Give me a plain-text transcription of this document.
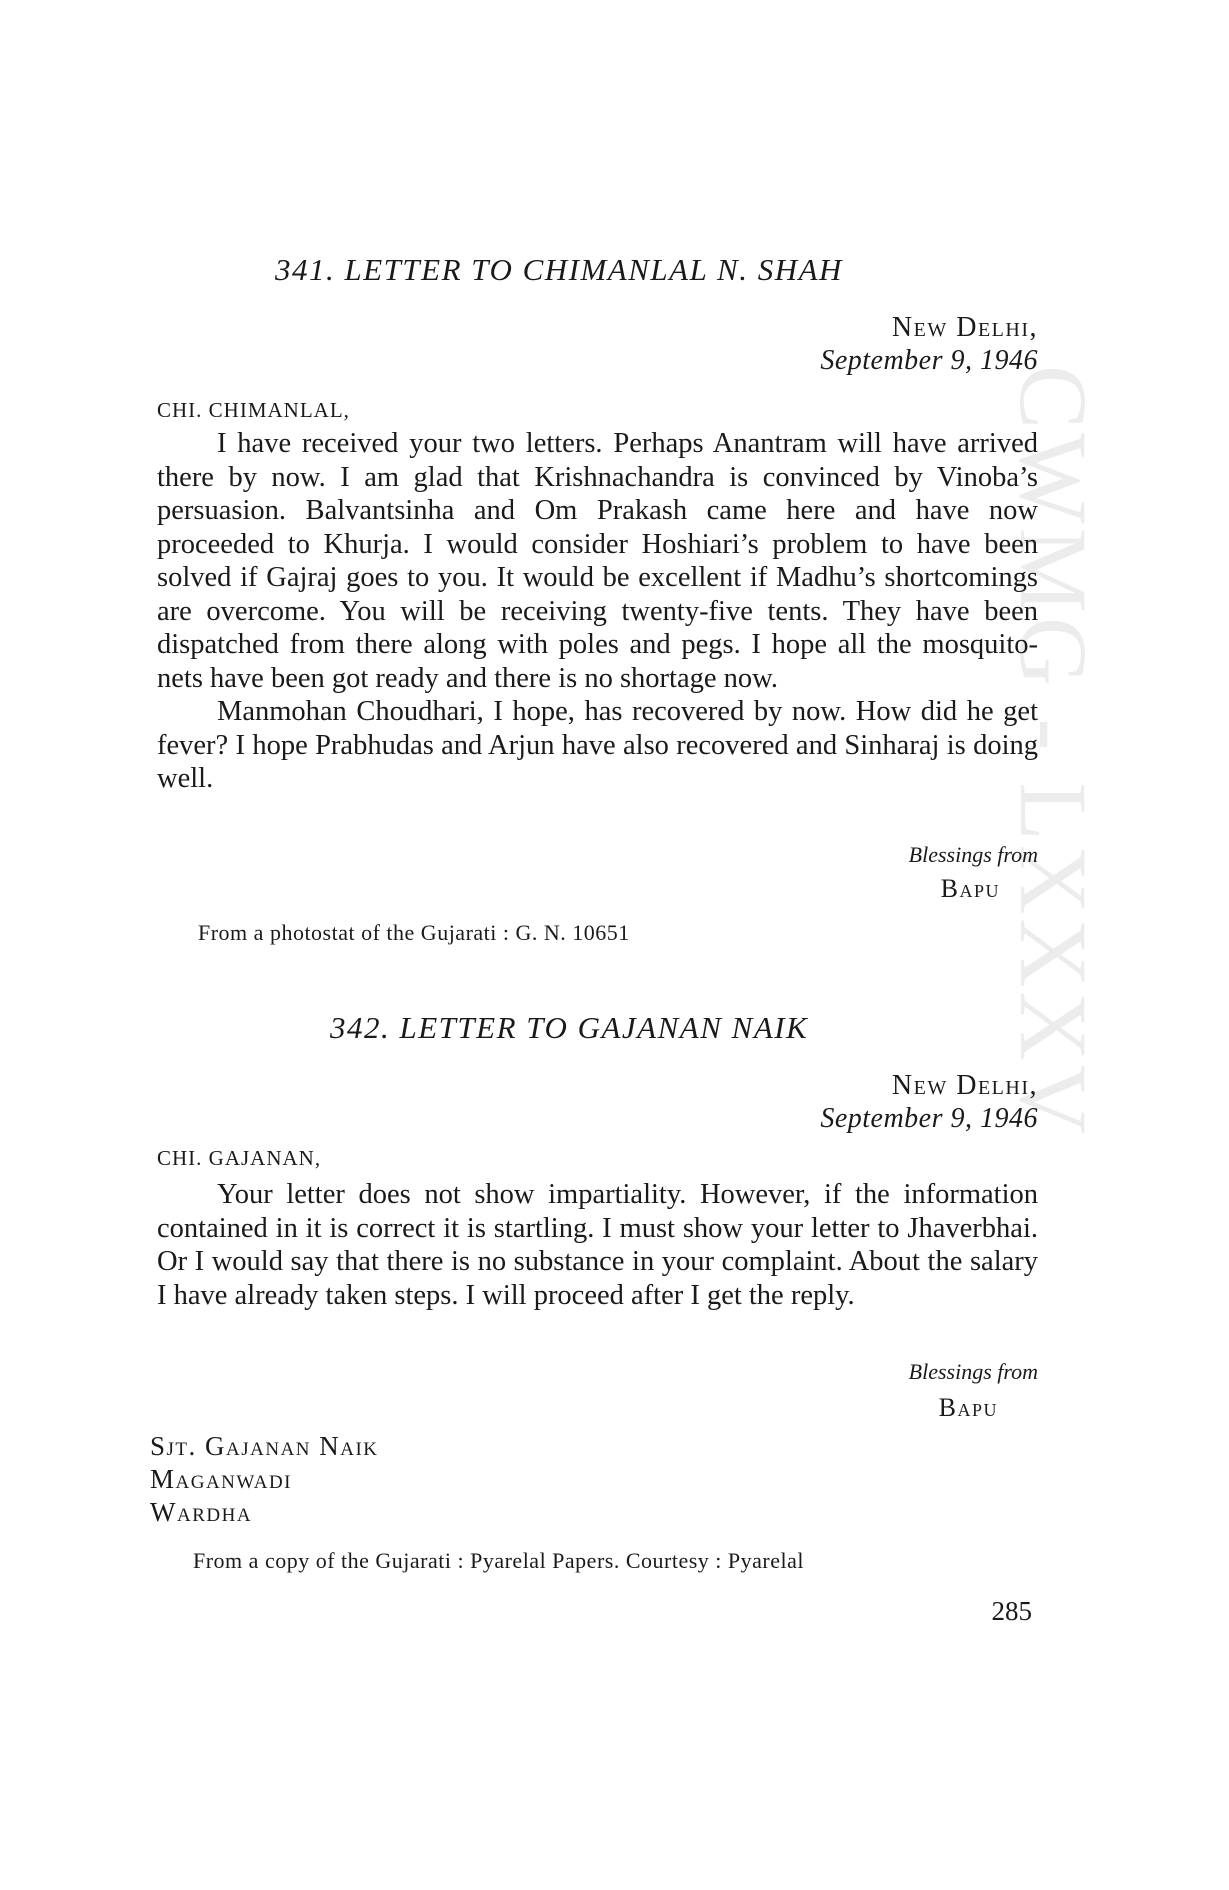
CWMG - LXXXV
341. LETTER TO CHIMANLAL N. SHAH
New Delhi,
September 9, 1946
CHI. CHIMANLAL,

I have received your two letters. Perhaps Anantram will have arrived there by now. I am glad that Krishnachandra is convinced by Vinoba’s persuasion. Balvantsinha and Om Prakash came here and have now proceeded to Khurja. I would consider Hoshiari’s problem to have been solved if Gajraj goes to you. It would be excellent if Madhu’s shortcomings are overcome. You will be receiving twenty-five tents. They have been dispatched from there along with poles and pegs. I hope all the mosquito-nets have been got ready and there is no shortage now.

Manmohan Choudhari, I hope, has recovered by now. How did he get fever? I hope Prabhudas and Arjun have also recovered and Sinharaj is doing well.

Blessings from
Bapu
From a photostat of the Gujarati : G. N. 10651
342. LETTER TO GAJANAN NAIK
New Delhi,
September 9, 1946
CHI. GAJANAN,

Your letter does not show impartiality. However, if the information contained in it is correct it is startling. I must show your letter to Jhaverbhai. Or I would say that there is no substance in your complaint. About the salary I have already taken steps. I will proceed after I get the reply.

Blessings from
Bapu
Sjt. Gajanan Naik
Maganwadi
Wardha
From a copy of the Gujarati : Pyarelal Papers. Courtesy : Pyarelal
285
